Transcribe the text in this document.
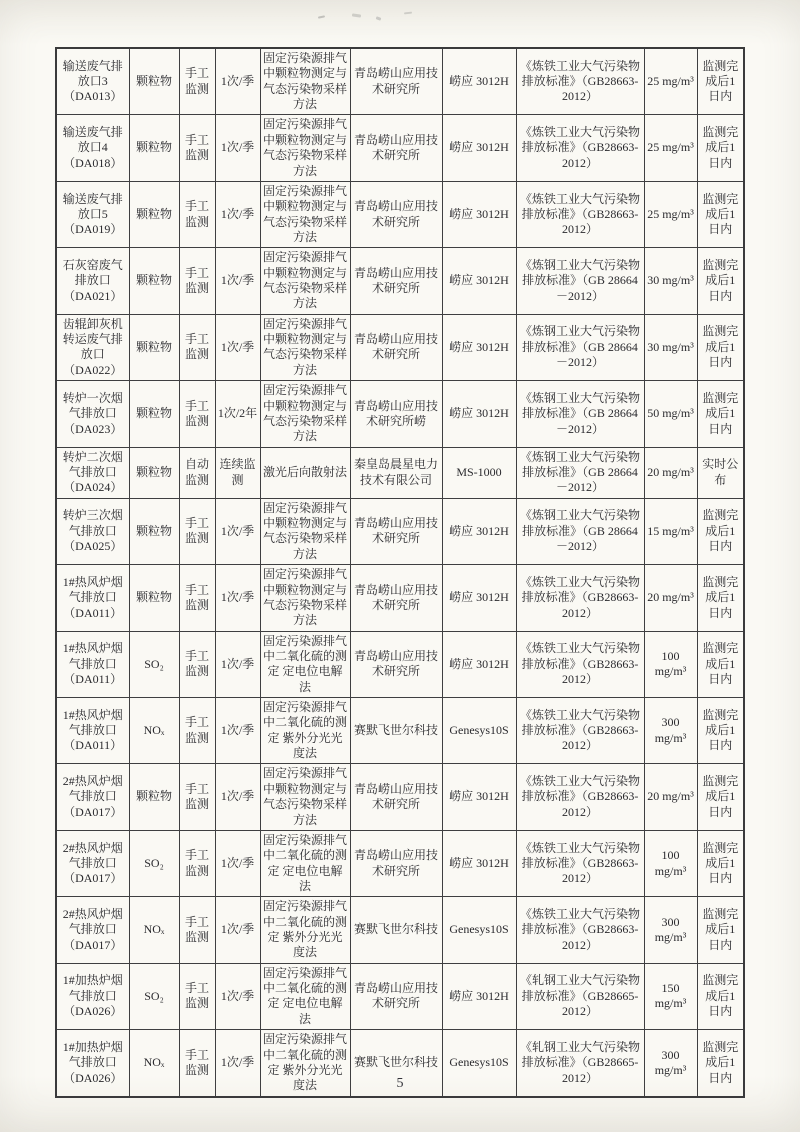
输送废气排放口3（DA013）	颗粒物	手工监测	1次/季	固定污染源排气中颗粒物测定与气态污染物采样方法	青岛崂山应用技术研究所	崂应 3012H	《炼铁工业大气污染物排放标准》（GB28663-2012）	25 mg/m³	监测完成后1日内
输送废气排放口4（DA018）	颗粒物	手工监测	1次/季	固定污染源排气中颗粒物测定与气态污染物采样方法	青岛崂山应用技术研究所	崂应 3012H	《炼铁工业大气污染物排放标准》（GB28663-2012）	25 mg/m³	监测完成后1日内
输送废气排放口5（DA019）	颗粒物	手工监测	1次/季	固定污染源排气中颗粒物测定与气态污染物采样方法	青岛崂山应用技术研究所	崂应 3012H	《炼铁工业大气污染物排放标准》（GB28663-2012）	25 mg/m³	监测完成后1日内
石灰窑废气排放口（DA021）	颗粒物	手工监测	1次/季	固定污染源排气中颗粒物测定与气态污染物采样方法	青岛崂山应用技术研究所	崂应 3012H	《炼钢工业大气污染物排放标准》（GB 28664－2012）	30 mg/m³	监测完成后1日内
齿辊卸灰机转运废气排放口（DA022）	颗粒物	手工监测	1次/季	固定污染源排气中颗粒物测定与气态污染物采样方法	青岛崂山应用技术研究所	崂应 3012H	《炼钢工业大气污染物排放标准》（GB 28664－2012）	30 mg/m³	监测完成后1日内
转炉一次烟气排放口（DA023）	颗粒物	手工监测	1次/2年	固定污染源排气中颗粒物测定与气态污染物采样方法	青岛崂山应用技术研究所崂	崂应 3012H	《炼钢工业大气污染物排放标准》（GB 28664－2012）	50 mg/m³	监测完成后1日内
转炉二次烟气排放口（DA024）	颗粒物	自动监测	连续监测	激光后向散射法	秦皇岛晨星电力技术有限公司	MS-1000	《炼钢工业大气污染物排放标准》（GB 28664－2012）	20 mg/m³	实时公布
转炉三次烟气排放口（DA025）	颗粒物	手工监测	1次/季	固定污染源排气中颗粒物测定与气态污染物采样方法	青岛崂山应用技术研究所	崂应 3012H	《炼钢工业大气污染物排放标准》（GB 28664－2012）	15 mg/m³	监测完成后1日内
1#热风炉烟气排放口（DA011）	颗粒物	手工监测	1次/季	固定污染源排气中颗粒物测定与气态污染物采样方法	青岛崂山应用技术研究所	崂应 3012H	《炼铁工业大气污染物排放标准》（GB28663-2012）	20 mg/m³	监测完成后1日内
1#热风炉烟气排放口（DA011）	SO₂	手工监测	1次/季	固定污染源排气中二氧化硫的测定 定电位电解法	青岛崂山应用技术研究所	崂应 3012H	《炼铁工业大气污染物排放标准》（GB28663-2012）	100 mg/m³	监测完成后1日内
1#热风炉烟气排放口（DA011）	NOₓ	手工监测	1次/季	固定污染源排气中二氧化硫的测定 紫外分光光度法	赛默飞世尔科技	Genesys10S	《炼铁工业大气污染物排放标准》（GB28663-2012）	300 mg/m³	监测完成后1日内
2#热风炉烟气排放口（DA017）	颗粒物	手工监测	1次/季	固定污染源排气中颗粒物测定与气态污染物采样方法	青岛崂山应用技术研究所	崂应 3012H	《炼铁工业大气污染物排放标准》（GB28663-2012）	20 mg/m³	监测完成后1日内
2#热风炉烟气排放口（DA017）	SO₂	手工监测	1次/季	固定污染源排气中二氧化硫的测定 定电位电解法	青岛崂山应用技术研究所	崂应 3012H	《炼铁工业大气污染物排放标准》（GB28663-2012）	100 mg/m³	监测完成后1日内
2#热风炉烟气排放口（DA017）	NOₓ	手工监测	1次/季	固定污染源排气中二氧化硫的测定 紫外分光光度法	赛默飞世尔科技	Genesys10S	《炼铁工业大气污染物排放标准》（GB28663-2012）	300 mg/m³	监测完成后1日内
1#加热炉烟气排放口（DA026）	SO₂	手工监测	1次/季	固定污染源排气中二氧化硫的测定 定电位电解法	青岛崂山应用技术研究所	崂应 3012H	《轧钢工业大气污染物排放标准》（GB28665-2012）	150 mg/m³	监测完成后1日内
1#加热炉烟气排放口（DA026）	NOₓ	手工监测	1次/季	固定污染源排气中二氧化硫的测定 紫外分光光度法	赛默飞世尔科技	Genesys10S	《轧钢工业大气污染物排放标准》（GB28665-2012）	300 mg/m³	监测完成后1日内
5
